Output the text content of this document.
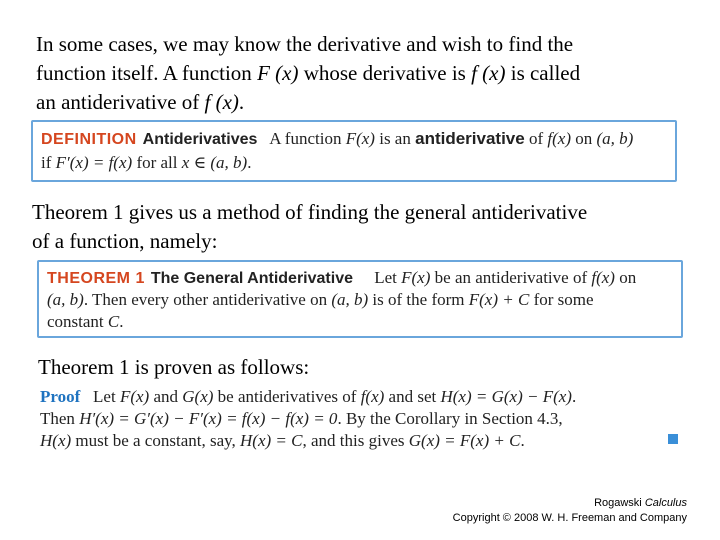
In some cases, we may know the derivative and wish to find the
function itself. A function F (x) whose derivative is f (x) is called
an antiderivative of f (x).

DEFINITION Antiderivatives A function F(x) is an antiderivative of f(x) on (a, b)
if F′(x) = f(x) for all x ∈ (a, b).

Theorem 1 gives us a method of finding the general antiderivative
of a function, namely:

THEOREM 1 The General Antiderivative Let F(x) be an antiderivative of f(x) on
(a, b). Then every other antiderivative on (a, b) is of the form F(x) + C for some
constant C.

Theorem 1 is proven as follows:

Proof Let F(x) and G(x) be antiderivatives of f(x) and set H(x) = G(x) − F(x).
Then H′(x) = G′(x) − F′(x) = f(x) − f(x) = 0. By the Corollary in Section 4.3,
H(x) must be a constant, say, H(x) = C, and this gives G(x) = F(x) + C.
Rogawski Calculus
Copyright © 2008 W. H. Freeman and Company
